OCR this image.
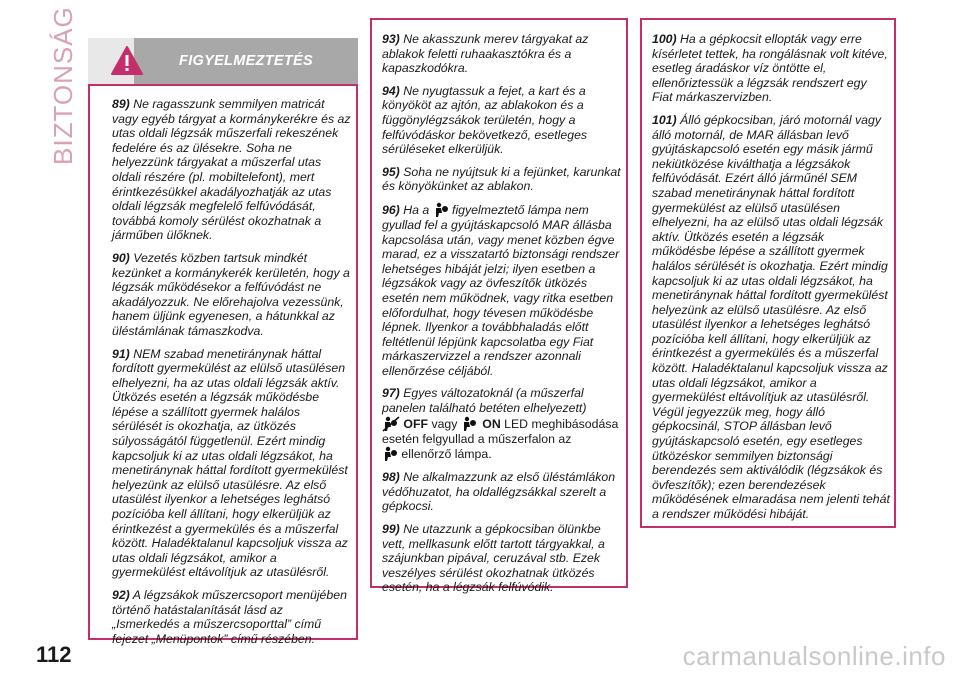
BIZTONSÁG	FIGYELMEZTETÉS

89) Ne ragasszunk semmilyen matricát vagy egyéb tárgyat a kormánykerékre és az utas oldali légzsák műszerfali rekeszének fedelére és az ülésekre. Soha ne helyezzünk tárgyakat a műszerfal utas oldali részére (pl. mobiltelefont), mert érintkezésükkel akadályozhatják az utas oldali légzsák megfelelő felfúvódását, továbbá komoly sérülést okozhatnak a járműben ülőknek.

90) Vezetés közben tartsuk mindkét kezünket a kormánykerék kerületén, hogy a légzsák működésekor a felfúvódást ne akadályozzuk. Ne előrehajolva vezessünk, hanem üljünk egyenesen, a hátunkkal az üléstámlának támaszkodva.

91) NEM szabad menetiránynak háttal fordított gyermekülést az elülső utasülésen elhelyezni, ha az utas oldali légzsák aktív. Ütközés esetén a légzsák működésbe lépése a szállított gyermek halálos sérülését is okozhatja, az ütközés súlyosságától függetlenül. Ezért mindig kapcsoljuk ki az utas oldali légzsákot, ha menetiránynak háttal fordított gyermekülést helyezünk az elülső utasülésre. Az első utasülést ilyenkor a lehetséges leghátsó pozícióba kell állítani, hogy elkerüljük az érintkezést a gyermekülés és a műszerfal között. Haladéktalanul kapcsoljuk vissza az utas oldali légzsákot, amikor a gyermekülést eltávolítjuk az utasülésről.

92) A légzsákok műszercsoport menüjében történő hatástalanítását lásd az „Ismerkedés a műszercsoporttal” című fejezet „Menüpontok” című részében.

93) Ne akasszunk merev tárgyakat az ablakok feletti ruhaakasztókra és a kapaszkodókra.

94) Ne nyugtassuk a fejet, a kart és a könyököt az ajtón, az ablakokon és a függönylégzsákok területén, hogy a felfúvódáskor bekövetkező, esetleges sérüléseket elkerüljük.

95) Soha ne nyújtsuk ki a fejünket, karunkat és könyökünket az ablakon.

96) Ha a figyelmeztető lámpa nem gyullad fel a gyújtáskapcsoló MAR állásba kapcsolása után, vagy menet közben égve marad, ez a visszatartó biztonsági rendszer lehetséges hibáját jelzi; ilyen esetben a légzsákok vagy az övfeszítők ütközés esetén nem működnek, vagy ritka esetben előfordulhat, hogy tévesen működésbe lépnek. Ilyenkor a továbbhaladás előtt feltétlenül lépjünk kapcsolatba egy Fiat márkaszervizzel a rendszer azonnali ellenőrzése céljából.

97) Egyes változatoknál (a műszerfal panelen található betéten elhelyezett)
OFF vagy ON LED meghibásodása esetén felgyullad a műszerfalon az
ellenőrző lámpa.

98) Ne alkalmazzunk az első üléstámlákon védőhuzatot, ha oldallégzsákkal szerelt a gépkocsi.

99) Ne utazzunk a gépkocsiban ölünkbe vett, mellkasunk előtt tartott tárgyakkal, a szájunkban pipával, ceruzával stb. Ezek veszélyes sérülést okozhatnak ütközés esetén, ha a légzsák felfúvódik.

100) Ha a gépkocsit ellopták vagy erre kísérletet tettek, ha rongálásnak volt kitéve, esetleg áradáskor víz öntötte el, ellenőriztessük a légzsák rendszert egy Fiat márkaszervizben.

101) Álló gépkocsiban, járó motornál vagy álló motornál, de MAR állásban levő gyújtáskapcsoló esetén egy másik jármű nekiütközése kiválthatja a légzsákok felfúvódását. Ezért álló járműnél SEM szabad menetiránynak háttal fordított gyermekülést az elülső utasülésen elhelyezni, ha az elülső utas oldali légzsák aktív. Ütközés esetén a légzsák működésbe lépése a szállított gyermek halálos sérülését is okozhatja. Ezért mindig kapcsoljuk ki az utas oldali légzsákot, ha menetiránynak háttal fordított gyermekülést helyezünk az elülső utasülésre. Az első utasülést ilyenkor a lehetséges leghátsó pozícióba kell állítani, hogy elkerüljük az érintkezést a gyermekülés és a műszerfal között. Haladéktalanul kapcsoljuk vissza az utas oldali légzsákot, amikor a gyermekülést eltávolítjuk az utasülésről. Végül jegyezzük meg, hogy álló gépkocsinál, STOP állásban levő gyújtáskapcsoló esetén, egy esetleges ütközéskor semmilyen biztonsági berendezés sem aktiválódik (légzsákok és övfeszítők); ezen berendezések működésének elmaradása nem jelenti tehát a rendszer működési hibáját.

112	carmanualsonline.info
